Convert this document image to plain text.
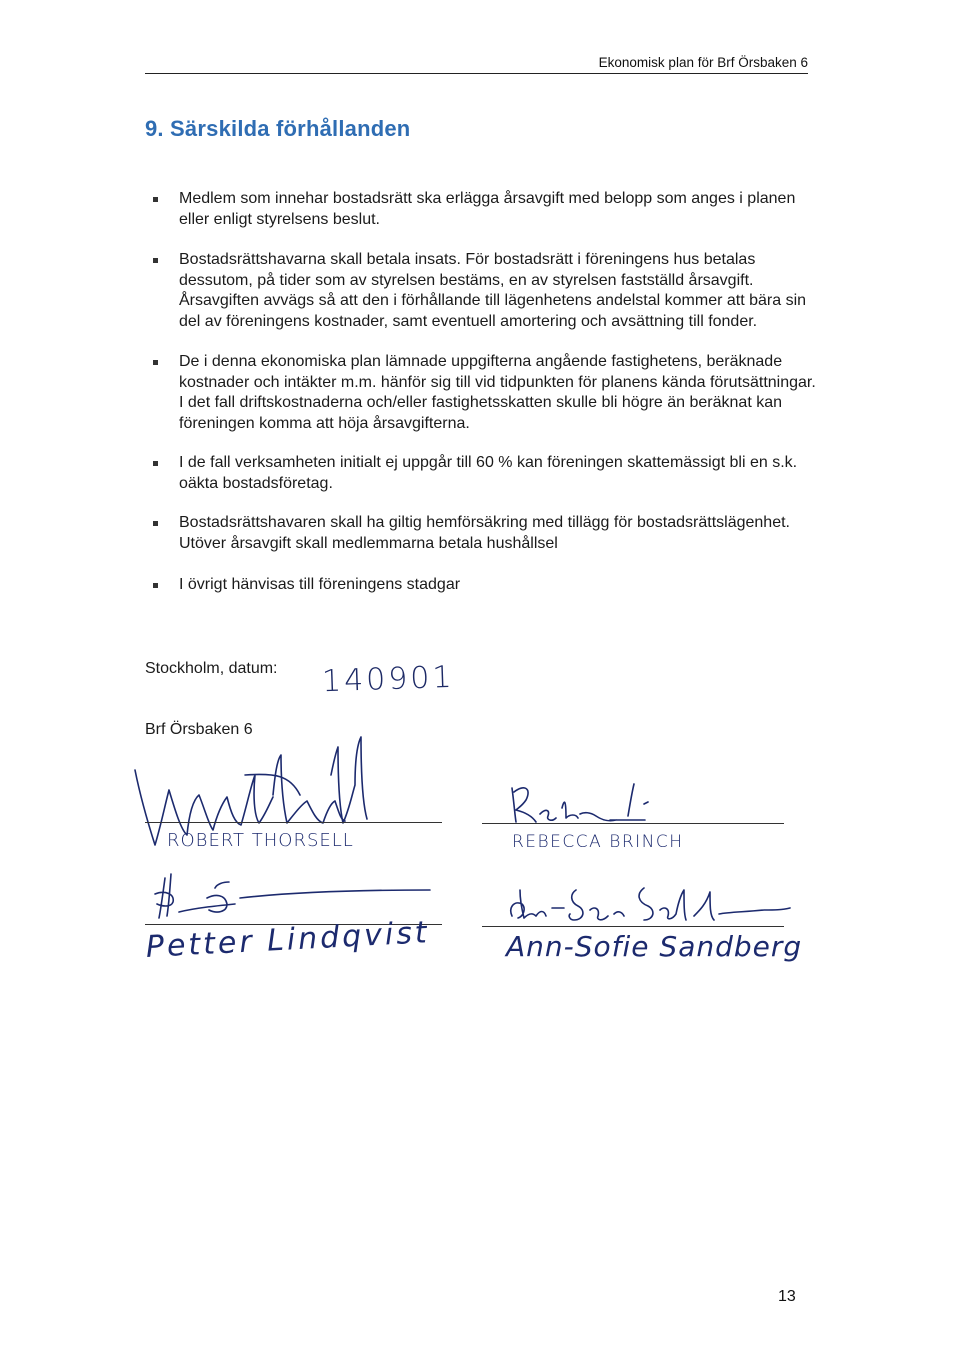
Ekonomisk plan för Brf Örsbaken 6
9. Särskilda förhållanden
Medlem som innehar bostadsrätt ska erlägga årsavgift med belopp som anges i planen eller enligt styrelsens beslut.
Bostadsrättshavarna skall betala insats. För bostadsrätt i föreningens hus betalas dessutom, på tider som av styrelsen bestäms, en av styrelsen fastställd årsavgift. Årsavgiften avvägs så att den i förhållande till lägenhetens andelstal kommer att bära sin del av föreningens kostnader, samt eventuell amortering och avsättning till fonder.
De i denna ekonomiska plan lämnade uppgifterna angående fastighetens, beräknade kostnader och intäkter m.m. hänför sig till vid tidpunkten för planens kända förutsättningar. I det fall driftskostnaderna och/eller fastighetsskatten skulle bli högre än beräknat kan föreningen komma att höja årsavgifterna.
I de fall verksamheten initialt ej uppgår till 60 % kan föreningen skattemässigt bli en s.k. oäkta bostadsföretag.
Bostadsrättshavaren skall ha giltig hemförsäkring med tillägg för bostadsrättslägenhet. Utöver årsavgift skall medlemmarna betala hushållsel
I övrigt hänvisas till föreningens stadgar
Stockholm, datum: 140901
Brf Örsbaken 6
ROBERT THORSELL	REBECCA BRINCH
Petter Lindqvist	Ann-Sofie Sandberg
13
